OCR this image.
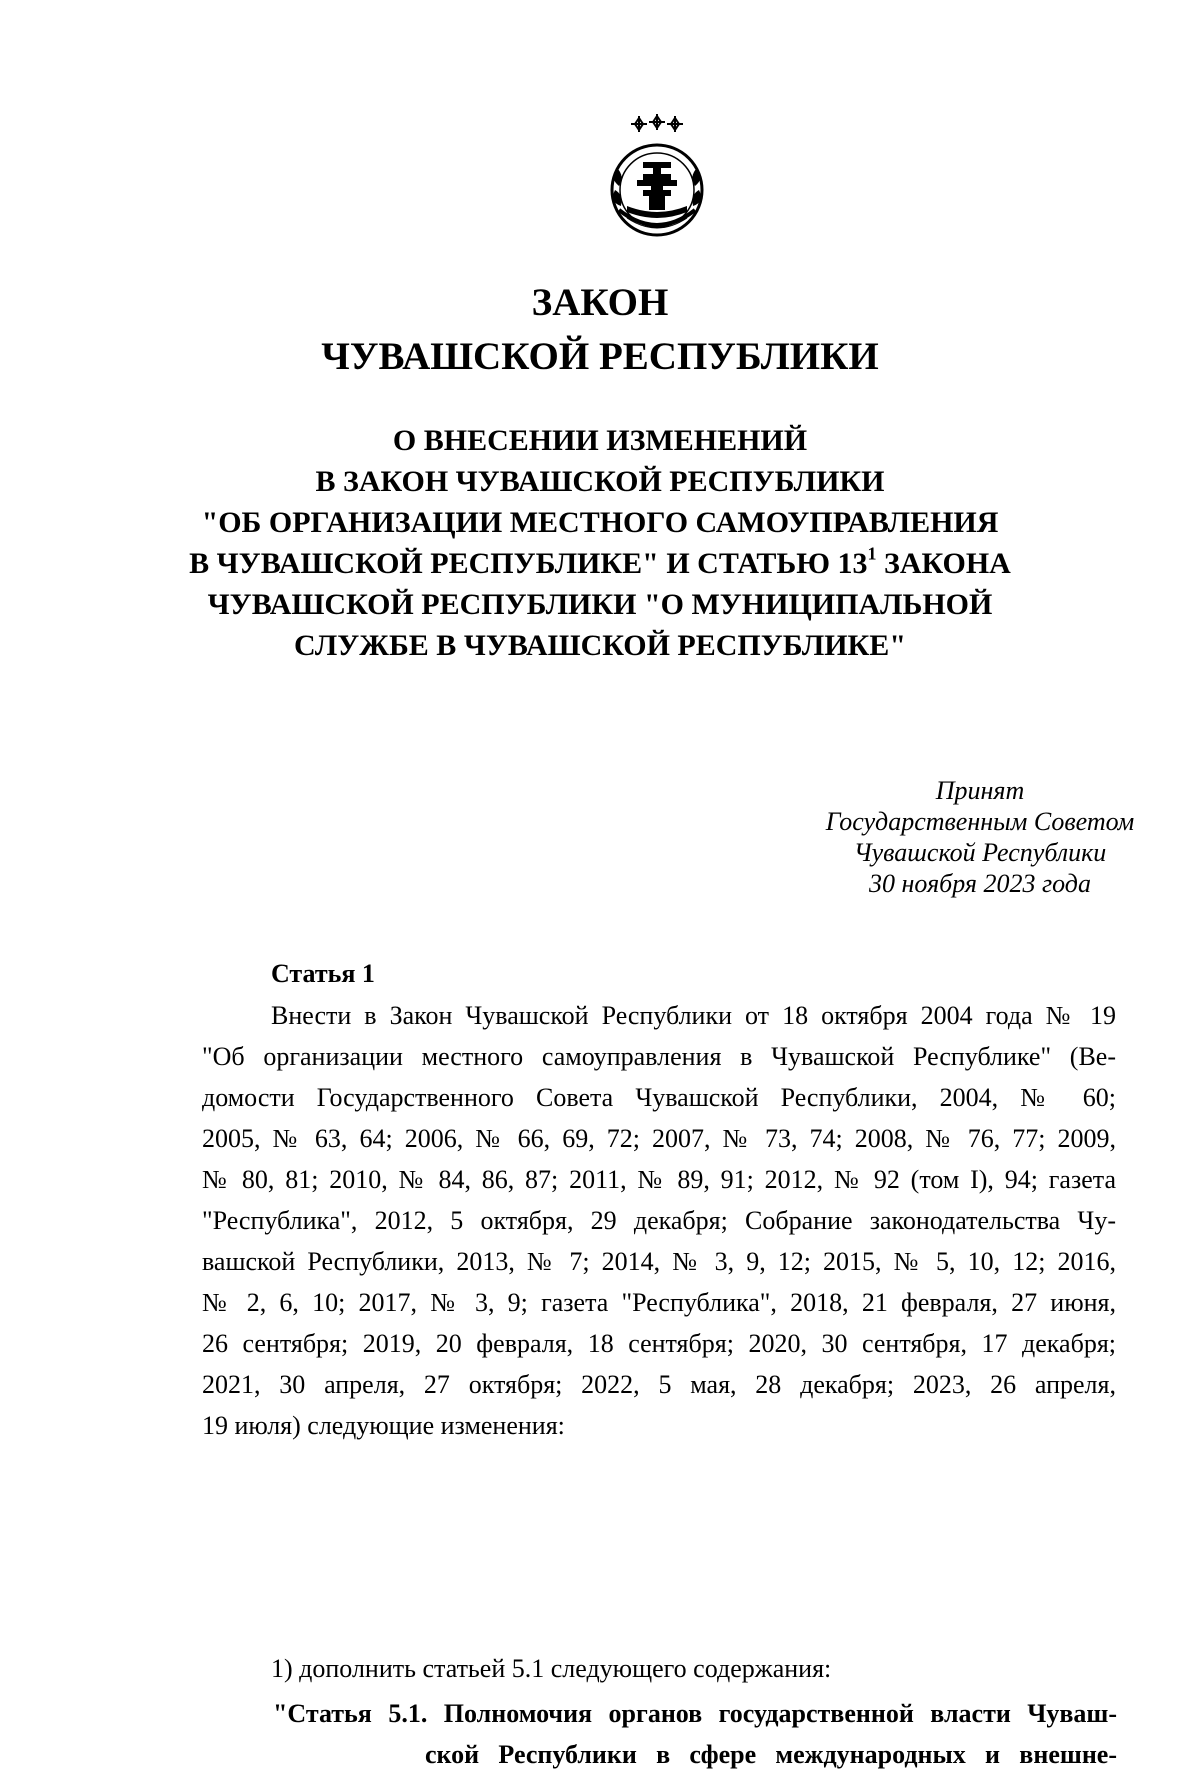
ЗАКОН
ЧУВАШСКОЙ РЕСПУБЛИКИ
О ВНЕСЕНИИ ИЗМЕНЕНИЙ
В ЗАКОН ЧУВАШСКОЙ РЕСПУБЛИКИ
"ОБ ОРГАНИЗАЦИИ МЕСТНОГО САМОУПРАВЛЕНИЯ
В ЧУВАШСКОЙ РЕСПУБЛИКЕ" И СТАТЬЮ $13^1$ ЗАКОНА
ЧУВАШСКОЙ РЕСПУБЛИКИ "О МУНИЦИПАЛЬНОЙ
СЛУЖБЕ В ЧУВАШСКОЙ РЕСПУБЛИКЕ"
Принят
Государственным Советом
Чувашской Республики
30 ноября 2023 года
Статья 1
Внести в Закон Чувашской Республики от 18 октября 2004 года № 19
"Об организации местного самоуправления в Чувашской Республике" (Ве-
домости Государственного Совета Чувашской Республики, 2004, № 60;
2005, № 63, 64; 2006, № 66, 69, 72; 2007, № 73, 74; 2008, № 76, 77; 2009,
№ 80, 81; 2010, № 84, 86, 87; 2011, № 89, 91; 2012, № 92 (том I), 94; газета
"Республика", 2012, 5 октября, 29 декабря; Собрание законодательства Чу-
вашской Республики, 2013, № 7; 2014, № 3, 9, 12; 2015, № 5, 10, 12; 2016,
№ 2, 6, 10; 2017, № 3, 9; газета "Республика", 2018, 21 февраля, 27 июня,
26 сентября; 2019, 20 февраля, 18 сентября; 2020, 30 сентября, 17 декабря;
2021, 30 апреля, 27 октября; 2022, 5 мая, 28 декабря; 2023, 26 апреля,
19 июля) следующие изменения:
1) дополнить статьей 5.1 следующего содержания:
"Статья 5.1. Полномочия органов государственной власти Чуваш-
ской Республики в сфере международных и внешне-
